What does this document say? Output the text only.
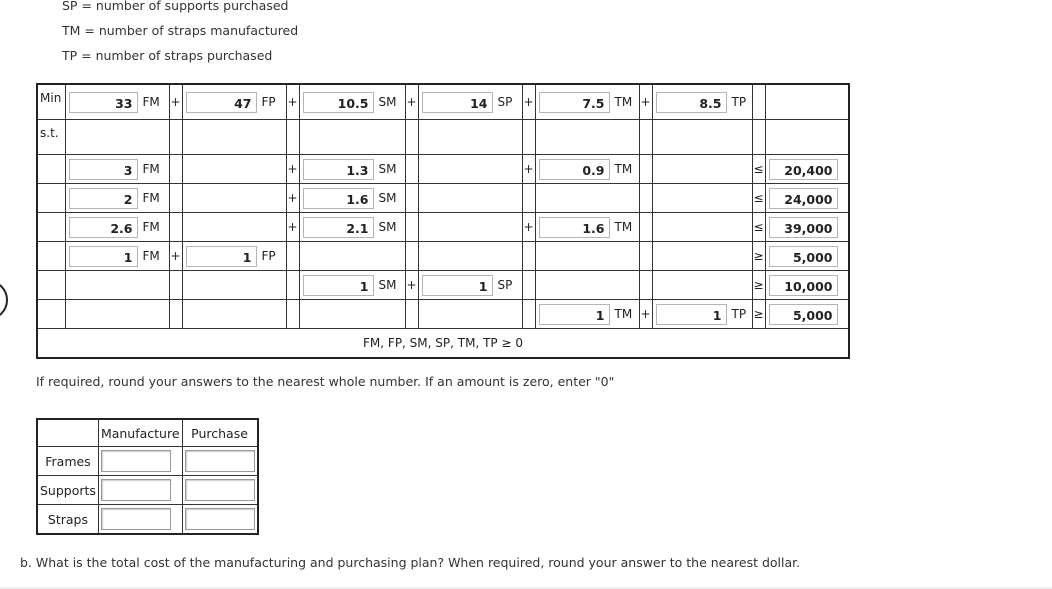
SP = number of supports purchased
TM = number of straps manufactured
TP = number of straps purchased
Min	33 FM	+	47 FP	+	10.5 SM	+	14 SP	+	7.5 TM	+	8.5 TP		

s.t.													

	3 FM			+	1.3 SM			+	0.9 TM			≤	20,400

	2 FM			+	1.6 SM							≤	24,000

	2.6 FM			+	2.1 SM			+	1.6 TM			≤	39,000

	1 FM	+	1 FP									≥	5,000

					1 SM	+	1 SP					≥	10,000

									1 TM	+	1 TP	≥	5,000

FM, FP, SM, SP, TM, TP ≥ 0													
If required, round your answers to the nearest whole number. If an amount is zero, enter "0"
	Manufacture	Purchase
Frames	

Supports	

Straps	

b. What is the total cost of the manufacturing and purchasing plan? When required, round your answer to the nearest dollar.
